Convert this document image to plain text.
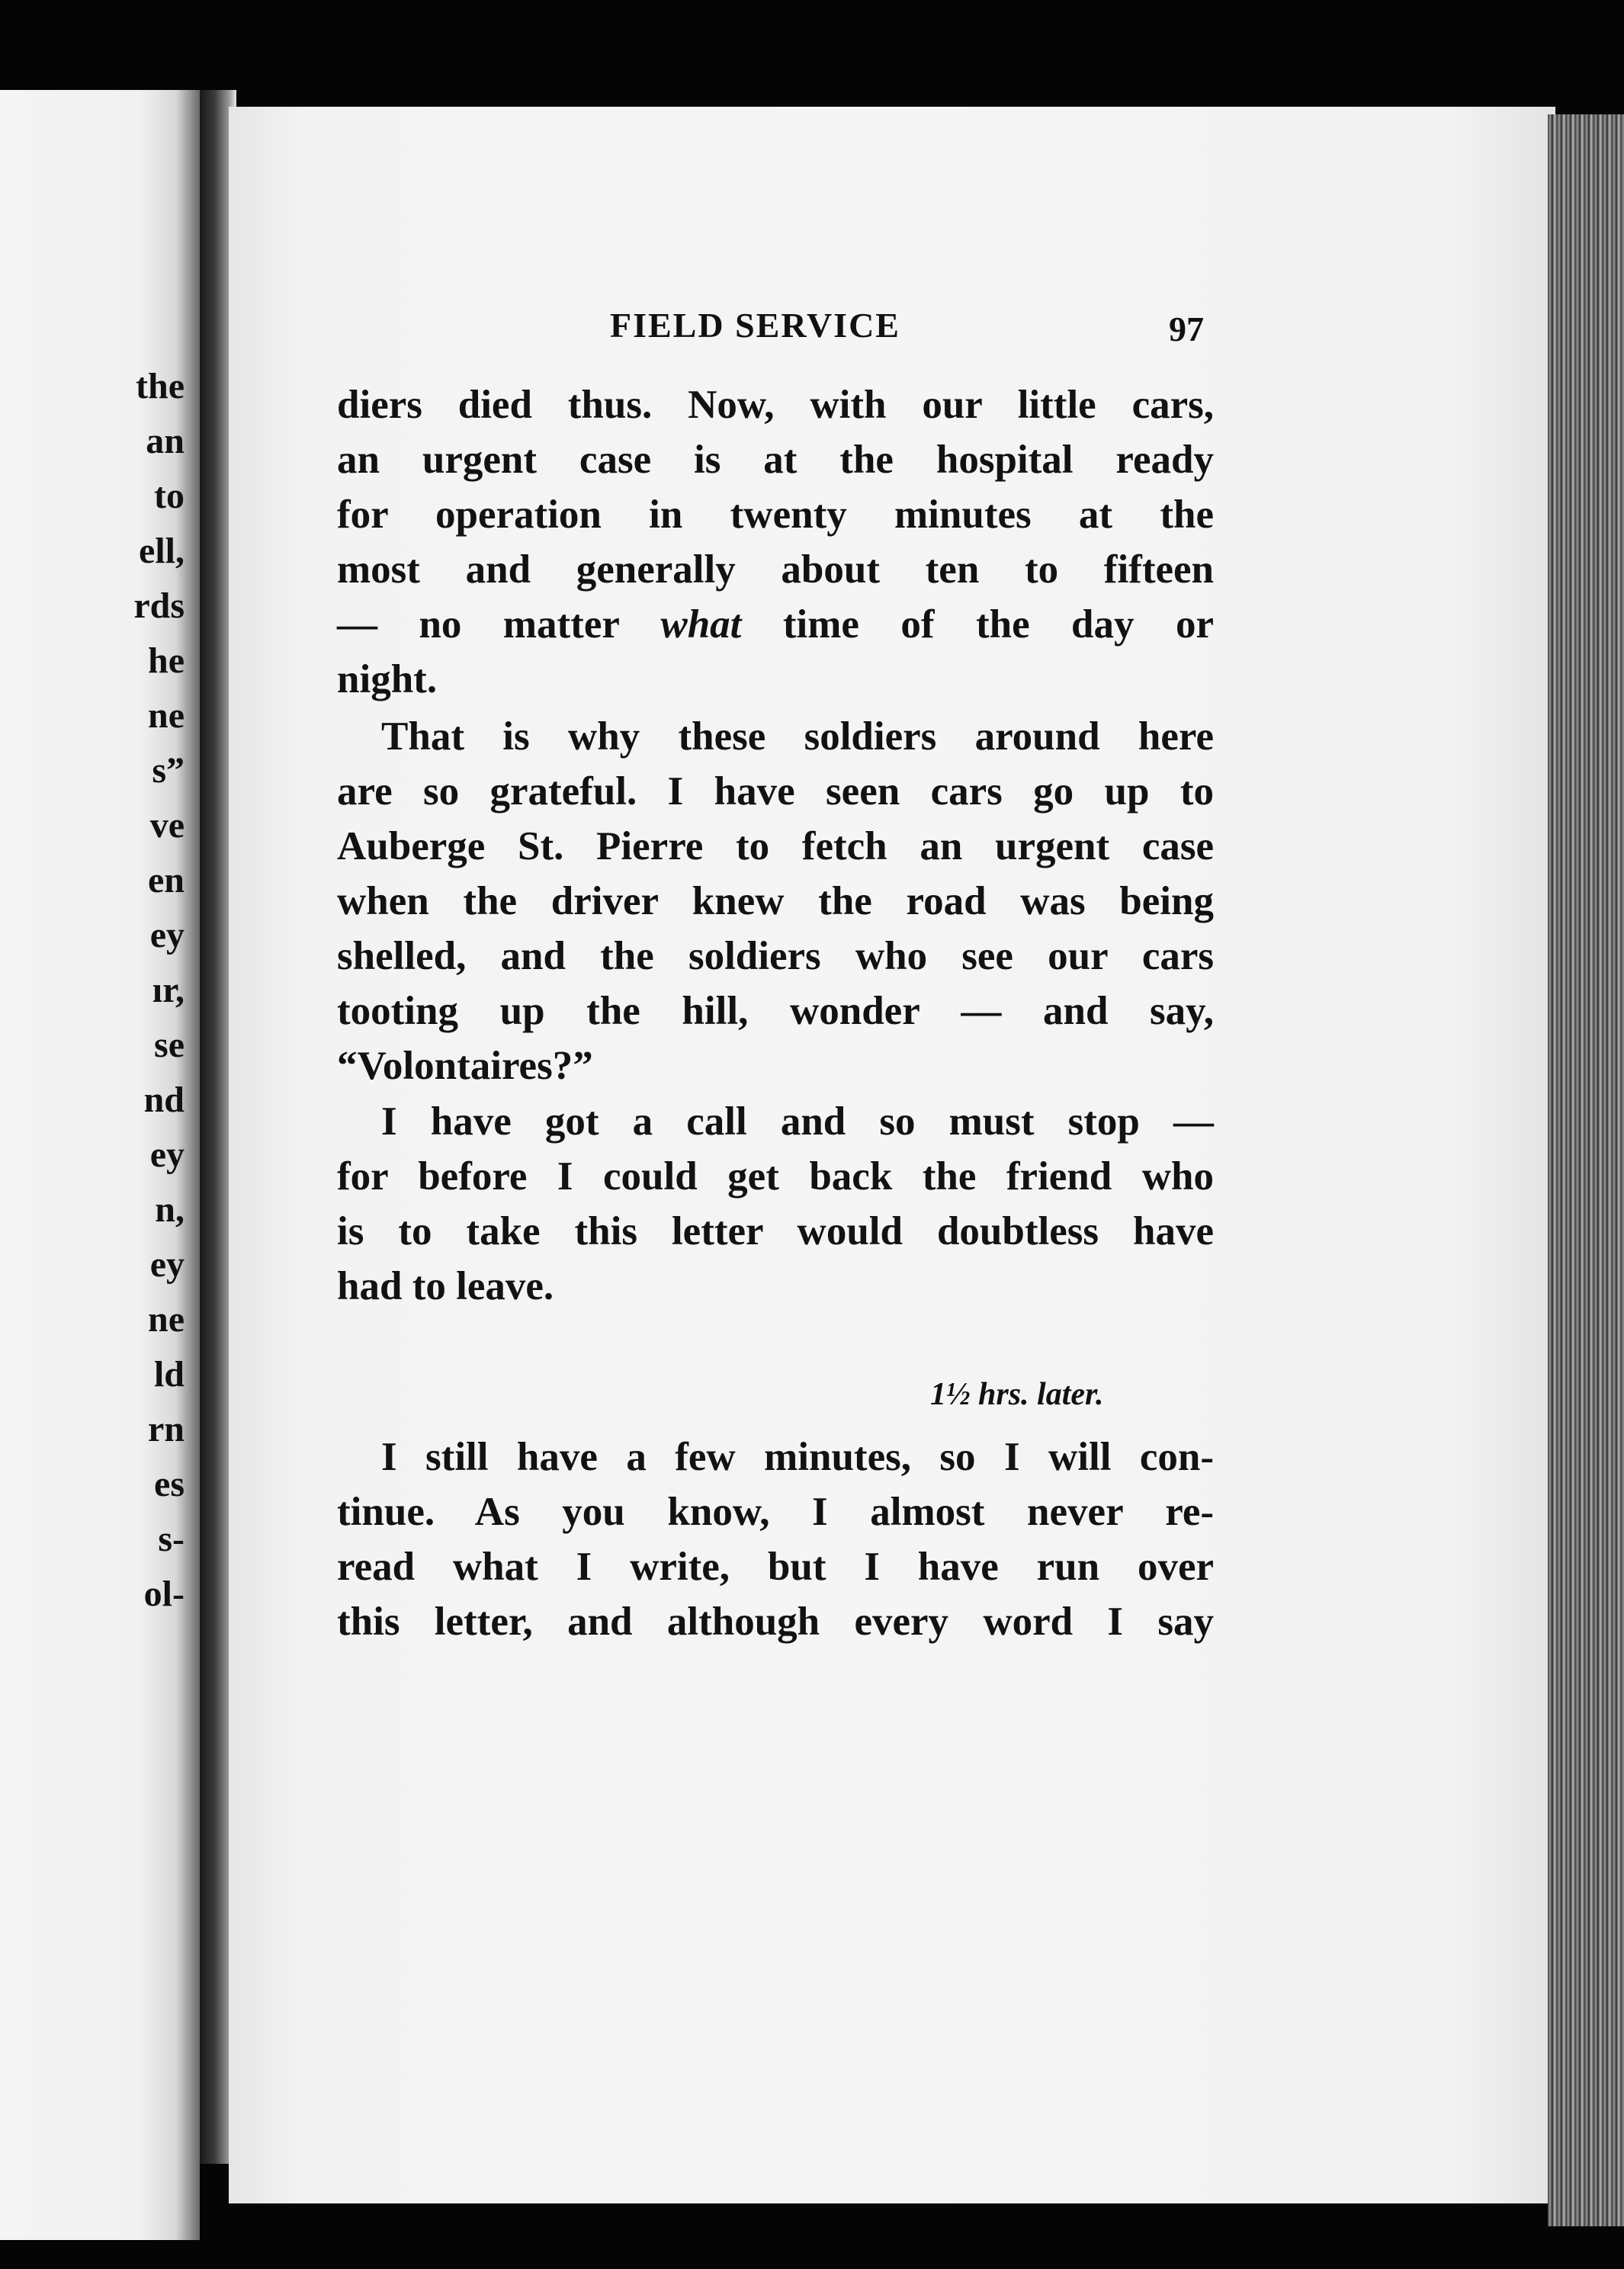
the
an
to
ell,
rds
he
ne
s”
ve
en
ey
ır,
se
nd
ey
n,
ey
ne
ld
rn
es
s-
ol-
FIELD SERVICE	97
diers died thus. Now, with our little cars,
an urgent case is at the hospital ready
for operation in twenty minutes at the
most and generally about ten to fifteen
— no matter what time of the day or
night.
That is why these soldiers around here
are so grateful. I have seen cars go up to
Auberge St. Pierre to fetch an urgent case
when the driver knew the road was being
shelled, and the soldiers who see our cars
tooting up the hill, wonder — and say,
“Volontaires?”
I have got a call and so must stop —
for before I could get back the friend who
is to take this letter would doubtless have
had to leave.
1½ hrs. later.
I still have a few minutes, so I will con-
tinue. As you know, I almost never re-
read what I write, but I have run over
this letter, and although every word I say
